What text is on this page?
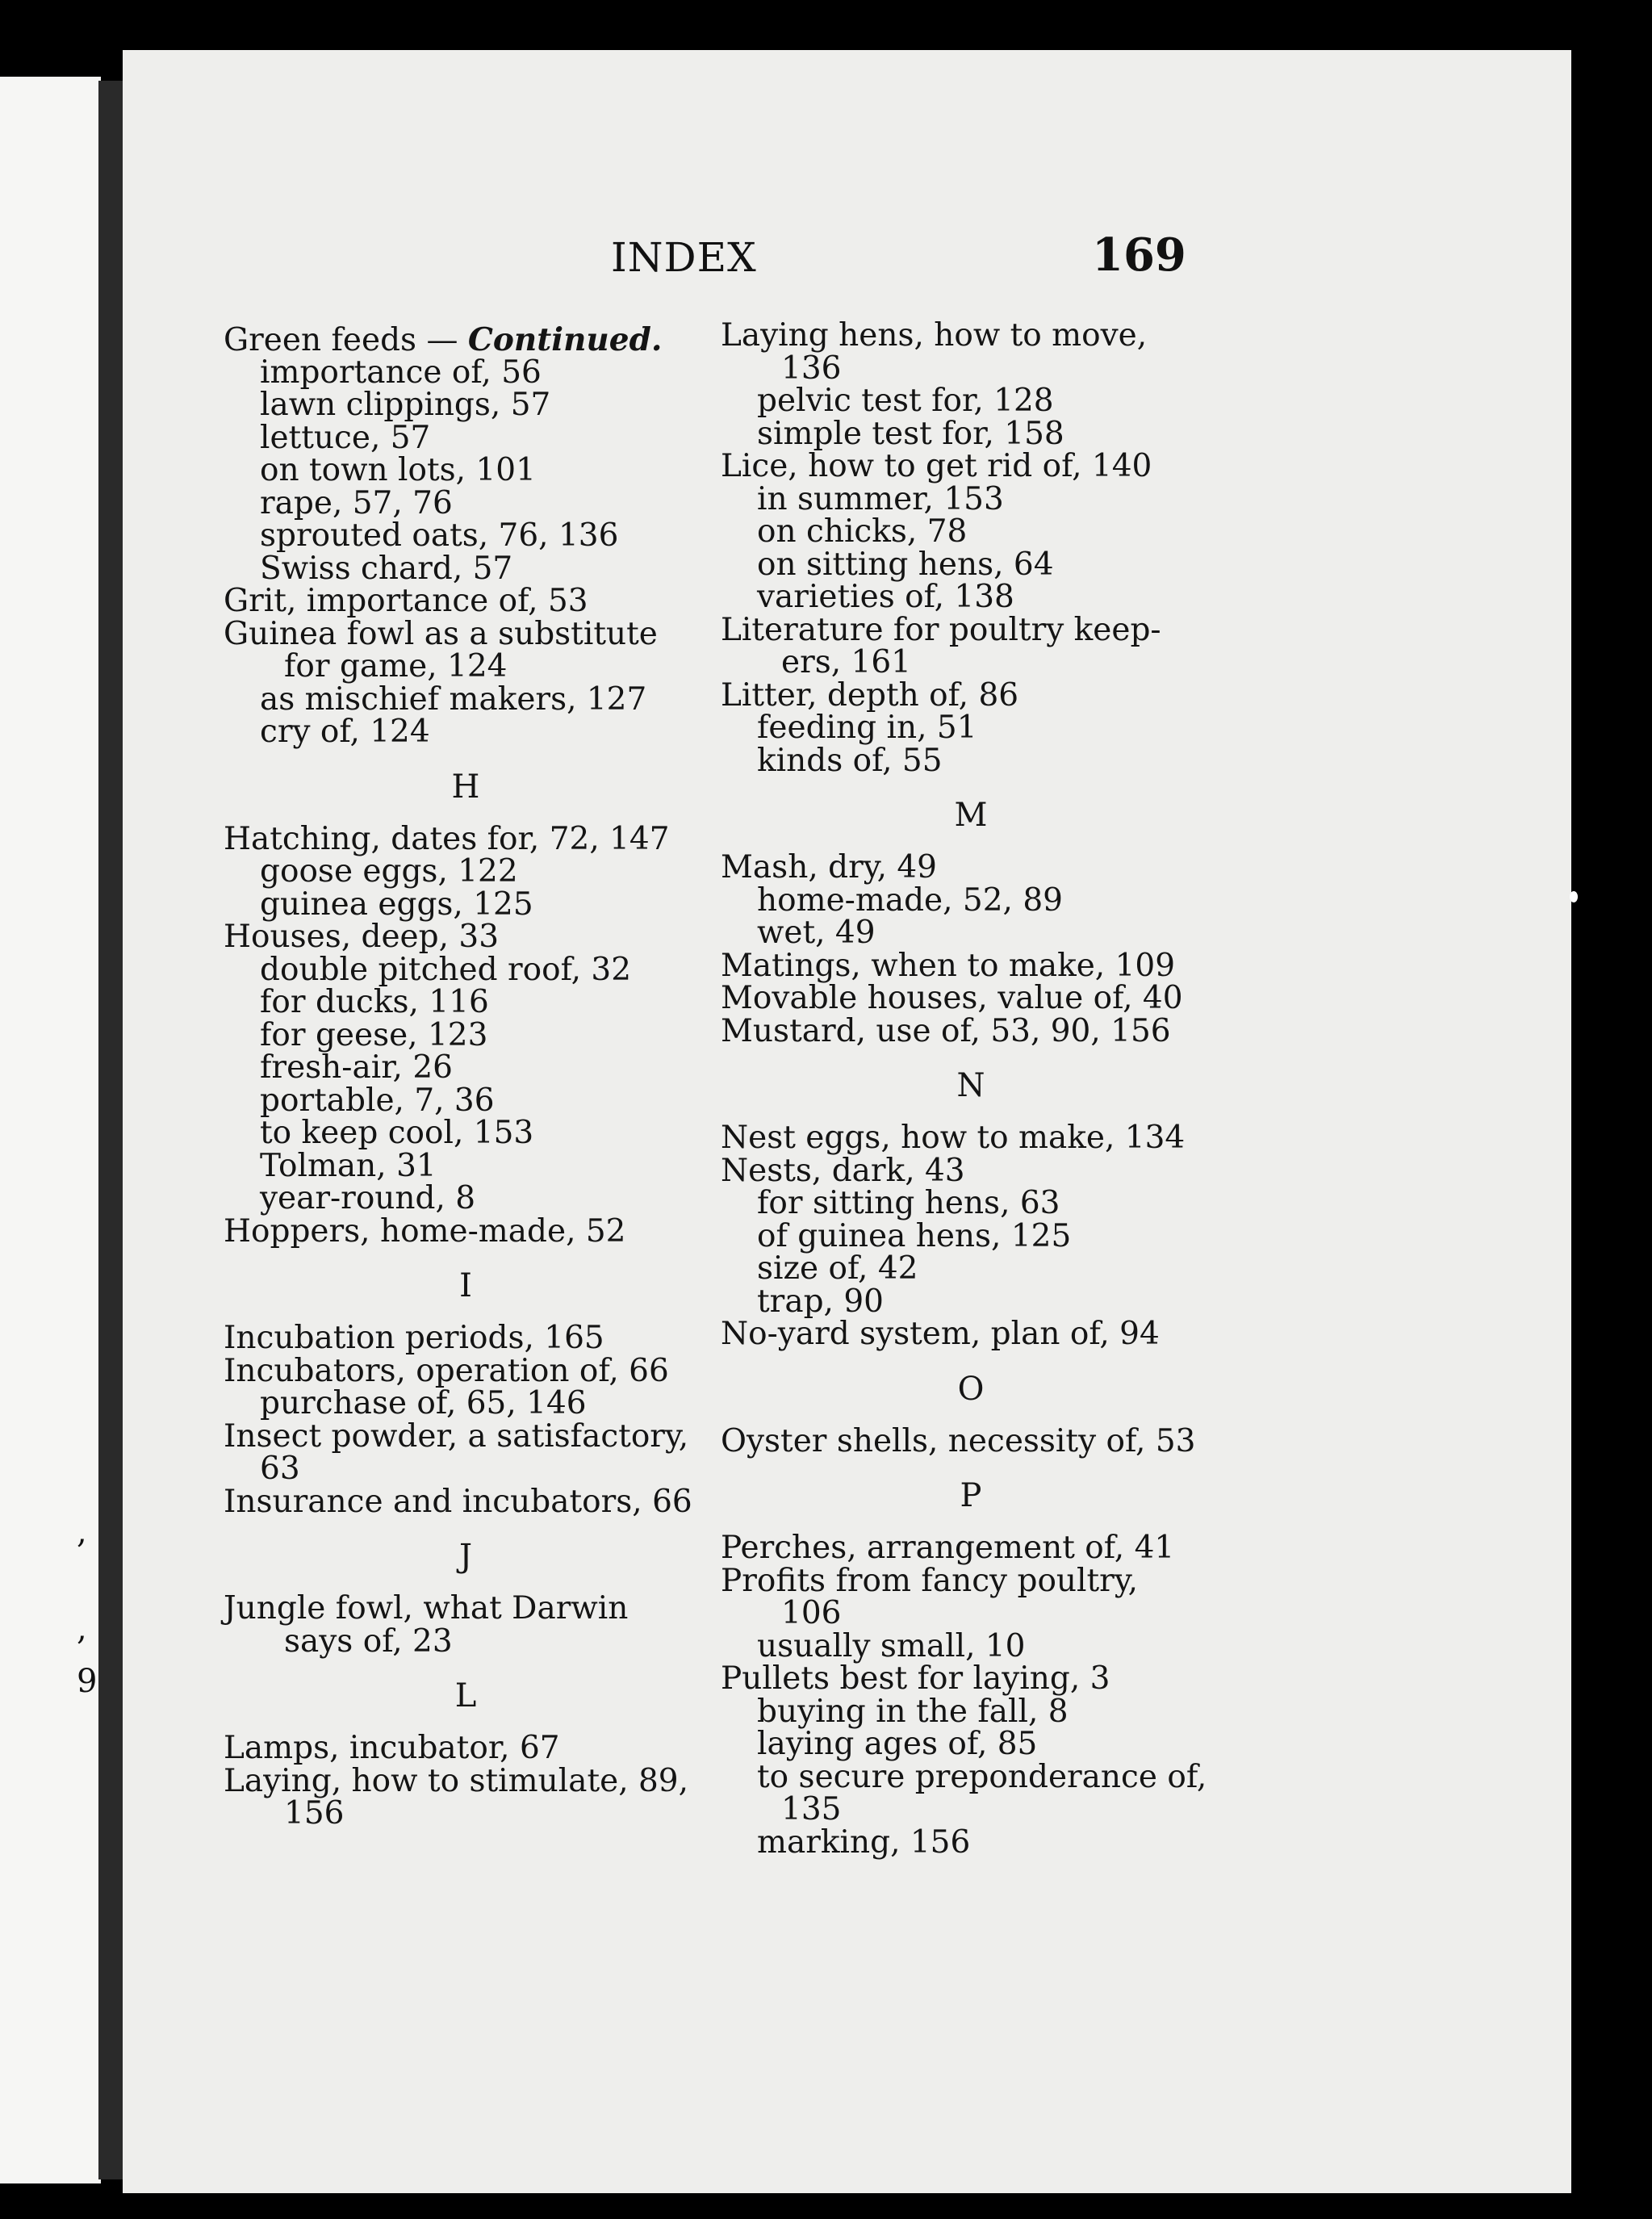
,
,
9
INDEX	169
Green feeds — Continued.
importance of, 56
lawn clippings, 57
lettuce, 57
on town lots, 101
rape, 57, 76
sprouted oats, 76, 136
Swiss chard, 57
Grit, importance of, 53
Guinea fowl as a substitute
for game, 124
as mischief makers, 127
cry of, 124
H
Hatching, dates for, 72, 147
goose eggs, 122
guinea eggs, 125
Houses, deep, 33
double pitched roof, 32
for ducks, 116
for geese, 123
fresh-air, 26
portable, 7, 36
to keep cool, 153
Tolman, 31
year-round, 8
Hoppers, home-made, 52
I
Incubation periods, 165
Incubators, operation of, 66
purchase of, 65, 146
Insect powder, a satisfactory,
63
Insurance and incubators, 66
J
Jungle fowl, what Darwin
says of, 23
L
Lamps, incubator, 67
Laying, how to stimulate, 89,
156
Laying hens, how to move,
136
pelvic test for, 128
simple test for, 158
Lice, how to get rid of, 140
in summer, 153
on chicks, 78
on sitting hens, 64
varieties of, 138
Literature for poultry keep-
ers, 161
Litter, depth of, 86
feeding in, 51
kinds of, 55
M
Mash, dry, 49
home-made, 52, 89
wet, 49
Matings, when to make, 109
Movable houses, value of, 40
Mustard, use of, 53, 90, 156
N
Nest eggs, how to make, 134
Nests, dark, 43
for sitting hens, 63
of guinea hens, 125
size of, 42
trap, 90
No-yard system, plan of, 94
O
Oyster shells, necessity of, 53
P
Perches, arrangement of, 41
Profits from fancy poultry,
106
usually small, 10
Pullets best for laying, 3
buying in the fall, 8
laying ages of, 85
to secure preponderance of,
135
marking, 156
